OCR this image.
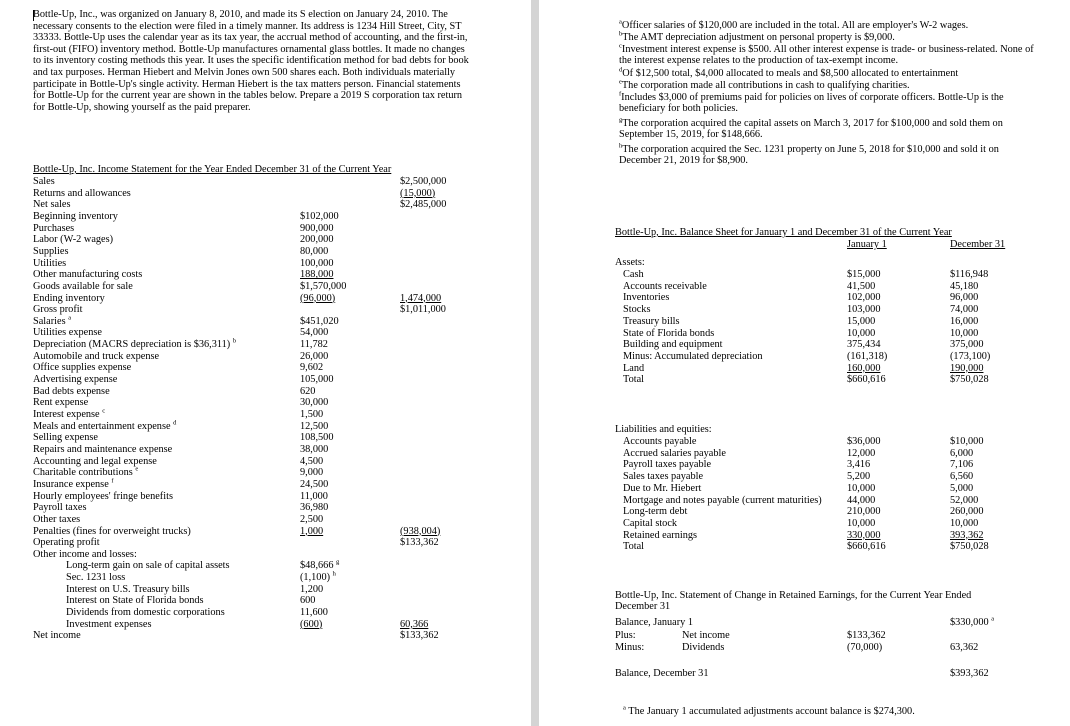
Bottle-Up, Inc., was organized on January 8, 2010, and made its S election on January 24, 2010. The necessary consents to the election were filed in a timely manner. Its address is 1234 Hill Street, City, ST 33333. Bottle-Up uses the calendar year as its tax year, the accrual method of accounting, and the first-in, first-out (FIFO) inventory method. Bottle-Up manufactures ornamental glass bottles. It made no changes to its inventory costing methods this year. It uses the specific identification method for bad debts for book and tax purposes. Herman Hiebert and Melvin Jones own 500 shares each. Both individuals materially participate in Bottle-Up's single activity. Herman Hiebert is the tax matters person. Financial statements for Bottle-Up for the current year are shown in the tables below. Prepare a 2019 S corporation tax return for Bottle-Up, showing yourself as the paid preparer.
Bottle-Up, Inc. Income Statement for the Year Ended December 31 of the Current Year
Sales	$2,500,000
Returns and allowances	(15,000)
Net sales	$2,485,000
Beginning inventory	$102,000
Purchases	900,000
Labor (W-2 wages)	200,000
Supplies	80,000
Utilities	100,000
Other manufacturing costs	188,000
Goods available for sale	$1,570,000
Ending inventory	(96,000)	1,474,000
Gross profit	$1,011,000
Salaries $^a$	$451,020
Utilities expense	54,000
Depreciation (MACRS depreciation is $36,311) $^b$	11,782
Automobile and truck expense	26,000
Office supplies expense	9,602
Advertising expense	105,000
Bad debts expense	620
Rent expense	30,000
Interest expense $^c$	1,500
Meals and entertainment expense $^d$	12,500
Selling expense	108,500
Repairs and maintenance expense	38,000
Accounting and legal expense	4,500
Charitable contributions $^e$	9,000
Insurance expense $^f$	24,500
Hourly employees' fringe benefits	11,000
Payroll taxes	36,980
Other taxes	2,500
Penalties (fines for overweight trucks)	1,000	(938,004)
Operating profit	$133,362
Other income and losses:
Long-term gain on sale of capital assets	$48,666 $^g$
Sec. 1231 loss	(1,100) $^h$
Interest on U.S. Treasury bills	1,200
Interest on State of Florida bonds	600
Dividends from domestic corporations	11,600
Investment expenses	(600)	60,366
Net income	$133,362
$^a$Officer salaries of $120,000 are included in the total. All are employer's W-2 wages.
$^b$The AMT depreciation adjustment on personal property is $9,000.
$^c$Investment interest expense is $500. All other interest expense is trade- or business-related. None of the interest expense relates to the production of tax-exempt income.
$^d$Of $12,500 total, $4,000 allocated to meals and $8,500 allocated to entertainment
$^e$The corporation made all contributions in cash to qualifying charities.
$^f$Includes $3,000 of premiums paid for policies on lives of corporate officers. Bottle-Up is the beneficiary for both policies.
$^g$The corporation acquired the capital assets on March 3, 2017 for $100,000 and sold them on September 15, 2019, for $148,666.
$^h$The corporation acquired the Sec. 1231 property on June 5, 2018 for $10,000 and sold it on December 21, 2019 for $8,900.
Bottle-Up, Inc. Balance Sheet for January 1 and December 31 of the Current Year
January 1	December 31
Assets:
Cash	$15,000	$116,948
Accounts receivable	41,500	45,180
Inventories	102,000	96,000
Stocks	103,000	74,000
Treasury bills	15,000	16,000
State of Florida bonds	10,000	10,000
Building and equipment	375,434	375,000
Minus: Accumulated depreciation	(161,318)	(173,100)
Land	160,000	190,000
Total	$660,616	$750,028
Liabilities and equities:
Accounts payable	$36,000	$10,000
Accrued salaries payable	12,000	6,000
Payroll taxes payable	3,416	7,106
Sales taxes payable	5,200	6,560
Due to Mr. Hiebert	10,000	5,000
Mortgage and notes payable (current maturities) 44,000	52,000
Long-term debt	210,000	260,000
Capital stock	10,000	10,000
Retained earnings	330,000	393,362
Total	$660,616	$750,028
Bottle-Up, Inc. Statement of Change in Retained Earnings, for the Current Year Ended December 31
Balance, January 1	$330,000 $^a$
Plus:	Net income	$133,362
Minus:	Dividends	(70,000)	63,362
Balance, December 31	$393,362
$^a$ The January 1 accumulated adjustments account balance is $274,300.
